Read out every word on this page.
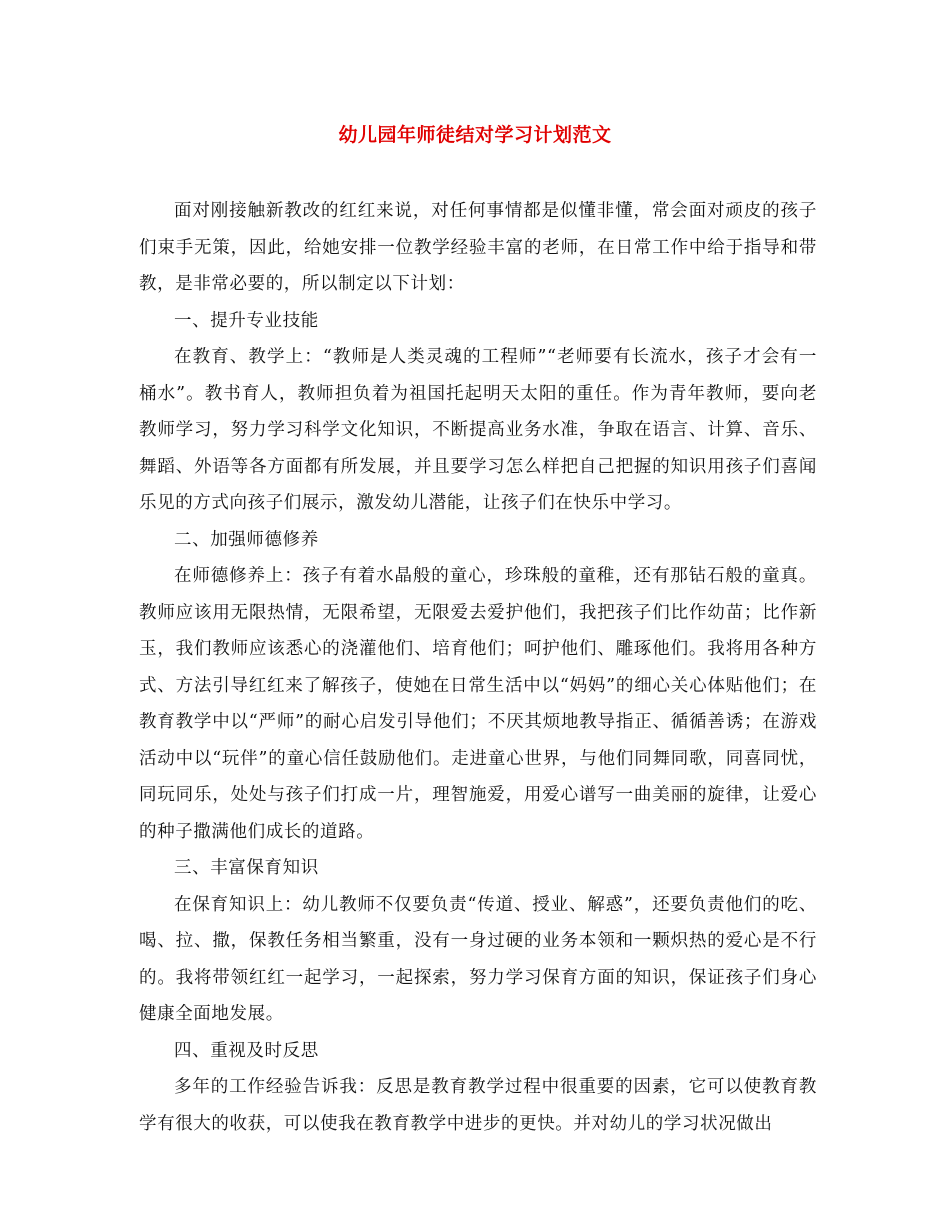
幼儿园年师徒结对学习计划范文

面对刚接触新教改的红红来说，对任何事情都是似懂非懂，常会面对顽皮的孩子们束手无策，因此，给她安排一位教学经验丰富的老师，在日常工作中给于指导和带教，是非常必要的，所以制定以下计划：

一、提升专业技能

在教育、教学上：“教师是人类灵魂的工程师”“老师要有长流水，孩子才会有一桶水”。教书育人，教师担负着为祖国托起明天太阳的重任。作为青年教师，要向老教师学习，努力学习科学文化知识，不断提高业务水准，争取在语言、计算、音乐、舞蹈、外语等各方面都有所发展，并且要学习怎么样把自己把握的知识用孩子们喜闻乐见的方式向孩子们展示，激发幼儿潜能，让孩子们在快乐中学习。

二、加强师德修养

在师德修养上：孩子有着水晶般的童心，珍珠般的童稚，还有那钻石般的童真。教师应该用无限热情，无限希望，无限爱去爱护他们，我把孩子们比作幼苗；比作新玉，我们教师应该悉心的浇灌他们、培育他们；呵护他们、雕琢他们。我将用各种方式、方法引导红红来了解孩子，使她在日常生活中以“妈妈”的细心关心体贴他们；在教育教学中以“严师”的耐心启发引导他们；不厌其烦地教导指正、循循善诱；在游戏活动中以“玩伴”的童心信任鼓励他们。走进童心世界，与他们同舞同歌，同喜同忧，同玩同乐，处处与孩子们打成一片，理智施爱，用爱心谱写一曲美丽的旋律，让爱心的种子撒满他们成长的道路。

三、丰富保育知识

在保育知识上：幼儿教师不仅要负责“传道、授业、解惑”，还要负责他们的吃、喝、拉、撒，保教任务相当繁重，没有一身过硬的业务本领和一颗炽热的爱心是不行的。我将带领红红一起学习，一起探索，努力学习保育方面的知识，保证孩子们身心健康全面地发展。

四、重视及时反思

多年的工作经验告诉我：反思是教育教学过程中很重要的因素，它可以使教育教学有很大的收获，可以使我在教育教学中进步的更快。并对幼儿的学习状况做出
